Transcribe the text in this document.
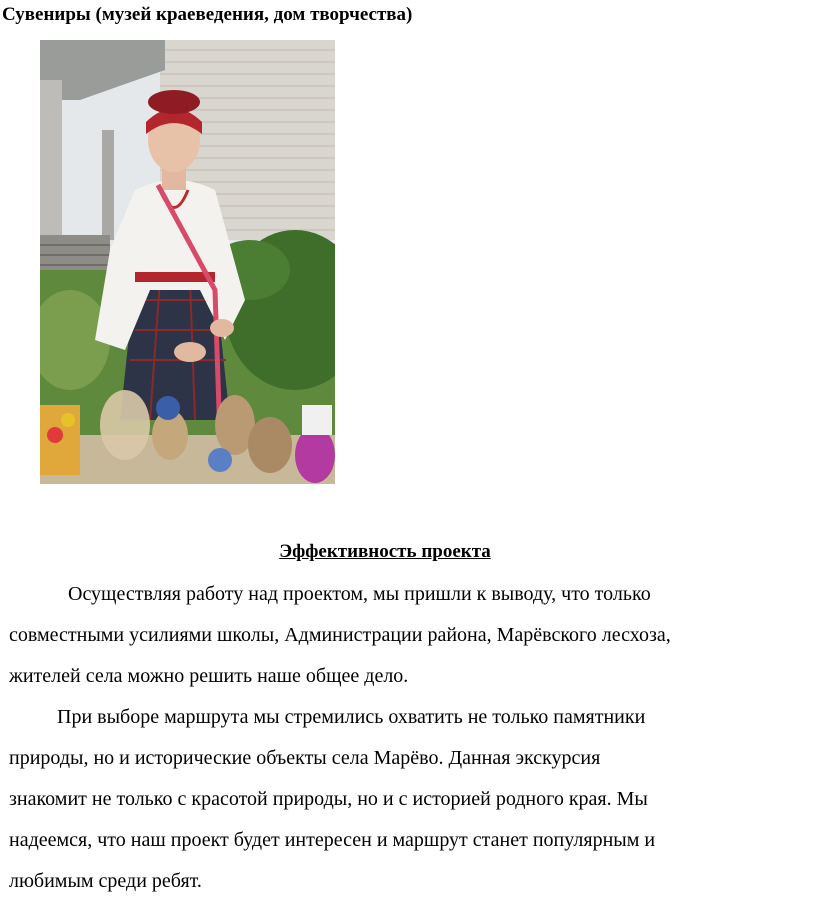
Сувениры (музей краеведения, дом творчества)
Эффективность проекта

Осуществляя работу над проектом, мы пришли к выводу, что только
совместными усилиями школы, Администрации района, Марёвского лесхоза,
жителей села можно решить наше общее дело.

При выборе маршрута мы стремились охватить не только памятники
природы, но и исторические объекты села Марёво. Данная экскурсия
знакомит не только с красотой природы, но и с историей родного края. Мы
надеемся, что наш проект будет интересен и маршрут станет популярным и
любимым среди ребят.
